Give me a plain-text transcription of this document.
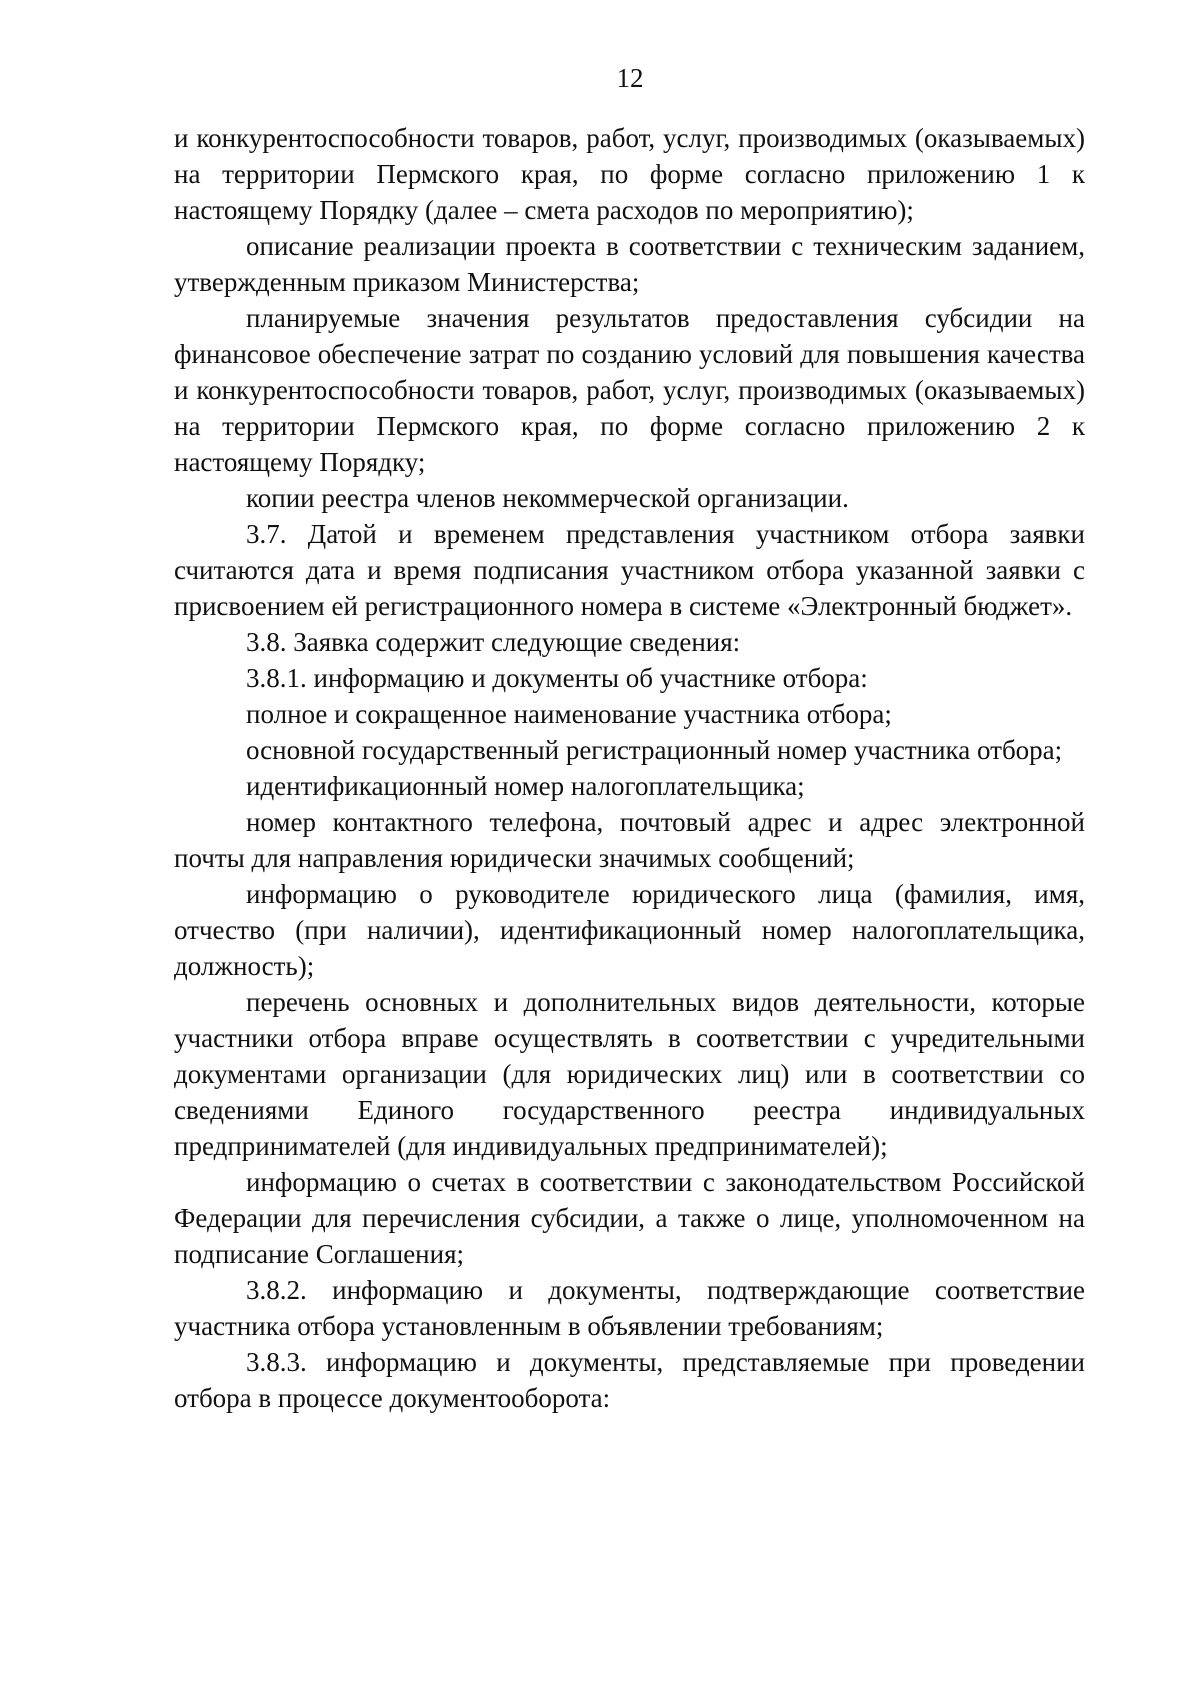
12

и конкурентоспособности товаров, работ, услуг, производимых (оказываемых) на территории Пермского края, по форме согласно приложению 1 к настоящему Порядку (далее – смета расходов по мероприятию);

описание реализации проекта в соответствии с техническим заданием, утвержденным приказом Министерства;

планируемые значения результатов предоставления субсидии на финансовое обеспечение затрат по созданию условий для повышения качества и конкурентоспособности товаров, работ, услуг, производимых (оказываемых) на территории Пермского края, по форме согласно приложению 2 к настоящему Порядку;

копии реестра членов некоммерческой организации.

3.7. Датой и временем представления участником отбора заявки считаются дата и время подписания участником отбора указанной заявки с присвоением ей регистрационного номера в системе «Электронный бюджет».

3.8. Заявка содержит следующие сведения:

3.8.1. информацию и документы об участнике отбора:

полное и сокращенное наименование участника отбора;

основной государственный регистрационный номер участника отбора;

идентификационный номер налогоплательщика;

номер контактного телефона, почтовый адрес и адрес электронной почты для направления юридически значимых сообщений;

информацию о руководителе юридического лица (фамилия, имя, отчество (при наличии), идентификационный номер налогоплательщика, должность);

перечень основных и дополнительных видов деятельности, которые участники отбора вправе осуществлять в соответствии с учредительными документами организации (для юридических лиц) или в соответствии со сведениями Единого государственного реестра индивидуальных предпринимателей (для индивидуальных предпринимателей);

информацию о счетах в соответствии с законодательством Российской Федерации для перечисления субсидии, а также о лице, уполномоченном на подписание Соглашения;

3.8.2. информацию и документы, подтверждающие соответствие участника отбора установленным в объявлении требованиям;

3.8.3. информацию и документы, представляемые при проведении отбора в процессе документооборота:
